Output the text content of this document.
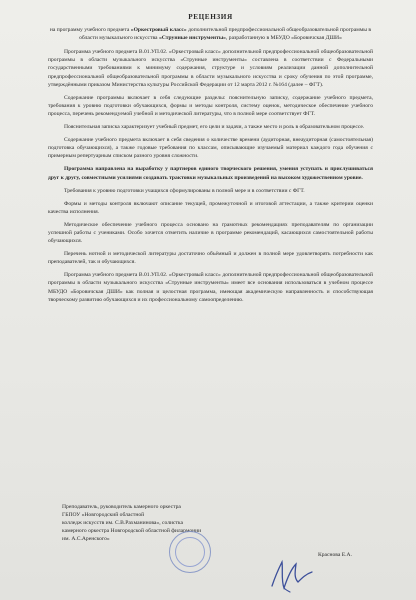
РЕЦЕНЗИЯ
на программу учебного предмета «Оркестровый класс» дополнительной предпрофессиональной общеобразовательной программы в области музыкального искусства «Струнные инструменты», разработанную в МБУДО «Боровичская ДШИ»

Программа учебного предмета В.01.УП.02. «Оркестровый класс» дополнительной предпрофессиональной общеобразовательной программы в области музыкального искусства «Струнные инструменты» составлена в соответствии с Федеральными государственными требованиями к минимуму содержания, структуре и условиям реализации данной дополнительной предпрофессиональной общеобразовательной программы в области музыкального искусства и сроку обучения по этой программе, утверждёнными приказом Министерства культуры Российской Федерации от 12 марта 2012 г. №164 (далее – ФГТ).

Содержание программы включает в себя следующие разделы: пояснительную записку, содержание учебного предмета, требования к уровню подготовки обучающихся, формы и методы контроля, систему оценок, методическое обеспечение учебного процесса, перечень рекомендуемой учебной и методической литературы, что в полной мере соответствует ФГТ.

Пояснительная записка характеризует учебный предмет, его цели и задачи, а также место и роль в образовательном процессе.

Содержание учебного предмета включает в себя сведения о количестве времени (аудиторная, внеаудиторная (самостоятельная) подготовка обучающихся), а также годовые требования по классам, описывающие изучаемый материал каждого года обучения с примерным репертуарным списком разного уровня сложности.

Программа направлена на выработку у партнеров единого творческого решения, умения уступать и прислушиваться друг к другу, совместными усилиями создавать трактовки музыкальных произведений на высоком художественном уровне.

Требования к уровню подготовки учащихся сформулированы в полной мере и в соответствии с ФГТ.

Формы и методы контроля включают описание текущей, промежуточной и итоговой аттестации, а также критерии оценки качества исполнения.

Методическое обеспечение учебного процесса основано на грамотных рекомендациях преподавателям по организации успешной работы с учениками. Особо хочется отметить наличие в программе рекомендаций, касающихся самостоятельной работы обучающихся.

Перечень нотной и методической литературы достаточно объёмный и должен в полной мере удовлетворять потребности как преподавателей, так и обучающихся.

Программа учебного предмета В.01.УП.02. «Оркестровый класс» дополнительной предпрофессиональной общеобразовательной программы в области музыкального искусства «Струнные инструменты» имеет все основания использоваться в учебном процессе МБУДО «Боровичская ДШИ» как полная и целостная программа, имеющая академическую направленность и способствующая творческому развитию обучающихся и их профессиональному самоопределению.

Преподаватель, руководитель камерного оркестра
ГБПОУ «Новгородский областной
колледж искусств им. С.В.Рахманинова», солистка
камерного оркестра Новгородской областной филармонии
им. А.С.Аренского»
Краснова Е.А.
